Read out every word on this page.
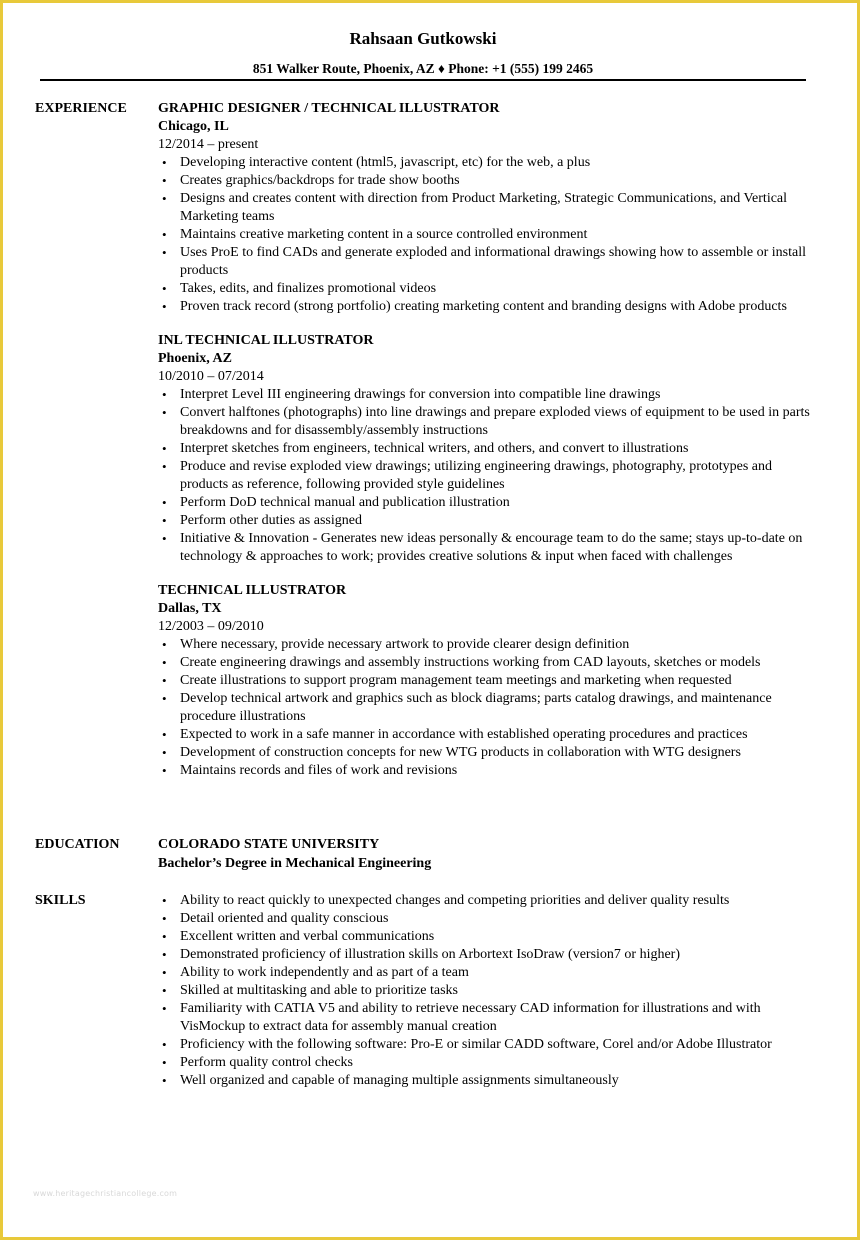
Rahsaan Gutkowski
851 Walker Route, Phoenix, AZ ♦ Phone: +1 (555) 199 2465
EXPERIENCE GRAPHIC DESIGNER / TECHNICAL ILLUSTRATOR
Chicago, IL
12/2014 – present
• Developing interactive content (html5, javascript, etc) for the web, a plus
• Creates graphics/backdrops for trade show booths
• Designs and creates content with direction from Product Marketing, Strategic Communications, and Vertical Marketing teams
• Maintains creative marketing content in a source controlled environment
• Uses ProE to find CADs and generate exploded and informational drawings showing how to assemble or install products
• Takes, edits, and finalizes promotional videos
• Proven track record (strong portfolio) creating marketing content and branding designs with Adobe products
INL TECHNICAL ILLUSTRATOR
Phoenix, AZ
10/2010 – 07/2014
• Interpret Level III engineering drawings for conversion into compatible line drawings
• Convert halftones (photographs) into line drawings and prepare exploded views of equipment to be used in parts breakdowns and for disassembly/assembly instructions
• Interpret sketches from engineers, technical writers, and others, and convert to illustrations
• Produce and revise exploded view drawings; utilizing engineering drawings, photography, prototypes and products as reference, following provided style guidelines
• Perform DoD technical manual and publication illustration
• Perform other duties as assigned
• Initiative & Innovation - Generates new ideas personally & encourage team to do the same; stays up-to-date on technology & approaches to work; provides creative solutions & input when faced with challenges
TECHNICAL ILLUSTRATOR
Dallas, TX
12/2003 – 09/2010
• Where necessary, provide necessary artwork to provide clearer design definition
• Create engineering drawings and assembly instructions working from CAD layouts, sketches or models
• Create illustrations to support program management team meetings and marketing when requested
• Develop technical artwork and graphics such as block diagrams; parts catalog drawings, and maintenance procedure illustrations
• Expected to work in a safe manner in accordance with established operating procedures and practices
• Development of construction concepts for new WTG products in collaboration with WTG designers
• Maintains records and files of work and revisions
EDUCATION	COLORADO STATE UNIVERSITY
Bachelor’s Degree in Mechanical Engineering
SKILLS
•	Ability to react quickly to unexpected changes and competing priorities and deliver quality results
• Detail oriented and quality conscious
• Excellent written and verbal communications
• Demonstrated proficiency of illustration skills on Arbortext IsoDraw (version7 or higher)
• Ability to work independently and as part of a team
• Skilled at multitasking and able to prioritize tasks
• Familiarity with CATIA V5 and ability to retrieve necessary CAD information for illustrations and with VisMockup to extract data for assembly manual creation
• Proficiency with the following software: Pro-E or similar CADD software, Corel and/or Adobe Illustrator
• Perform quality control checks
• Well organized and capable of managing multiple assignments simultaneously
www.heritagechristiancollege.com
